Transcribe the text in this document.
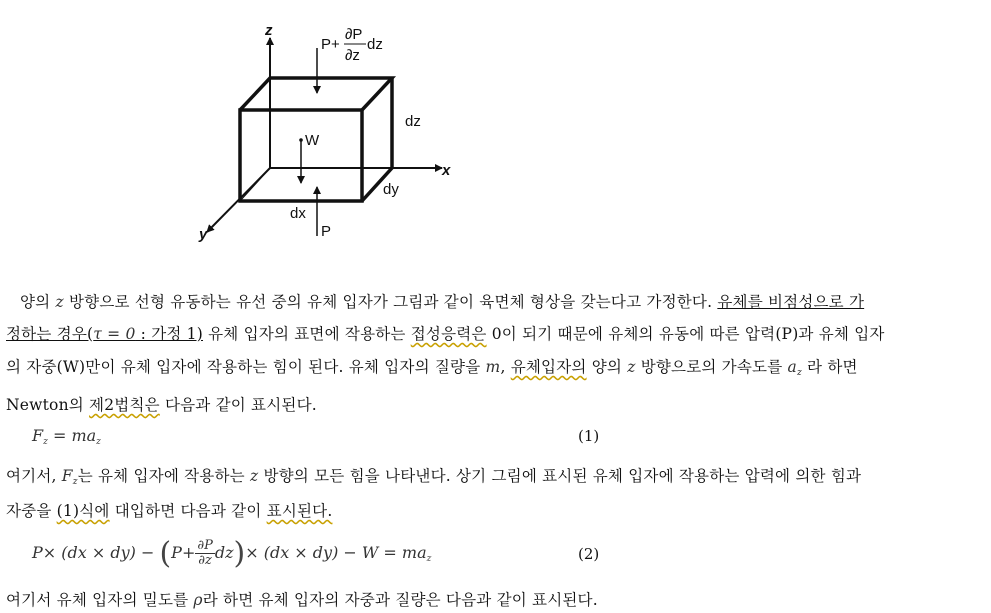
z
x
y
P+
∂P
∂z
dz
dz
W
dy
dx
P
양의 z 방향으로 선형 유동하는 유선 중의 유체 입자가 그림과 같이 육면체 형상을 갖는다고 가정한다. 유체를 비점성으로 가
정하는 경우(τ = 0 : 가정 1) 유체 입자의 표면에 작용하는 접성응력은 0이 되기 때문에 유체의 유동에 따른 압력(P)과 유체 입자
의 자중(W)만이 유체 입자에 작용하는 힘이 된다. 유체 입자의 질량을 m, 유체입자의 양의 z 방향으로의 가속도를 $a_z$ 라 하면
Newton의 제2법칙은 다음과 같이 표시된다.
$F_z = ma_z$	(1)
여기서, $F_z$는 유체 입자에 작용하는 z 방향의 모든 힘을 나타낸다. 상기 그림에 표시된 유체 입자에 작용하는 압력에 의한 힘과
자중을 (1)식에 대입하면 다음과 같이 표시된다.
$P\times (dx \times dy) - (P+ \frac{\partial P}{\partial z} dz)\times (dx \times dy) - W = ma_z$	(2)
여기서 유체 입자의 밀도를 ρ라 하면 유체 입자의 자중과 질량은 다음과 같이 표시된다.
